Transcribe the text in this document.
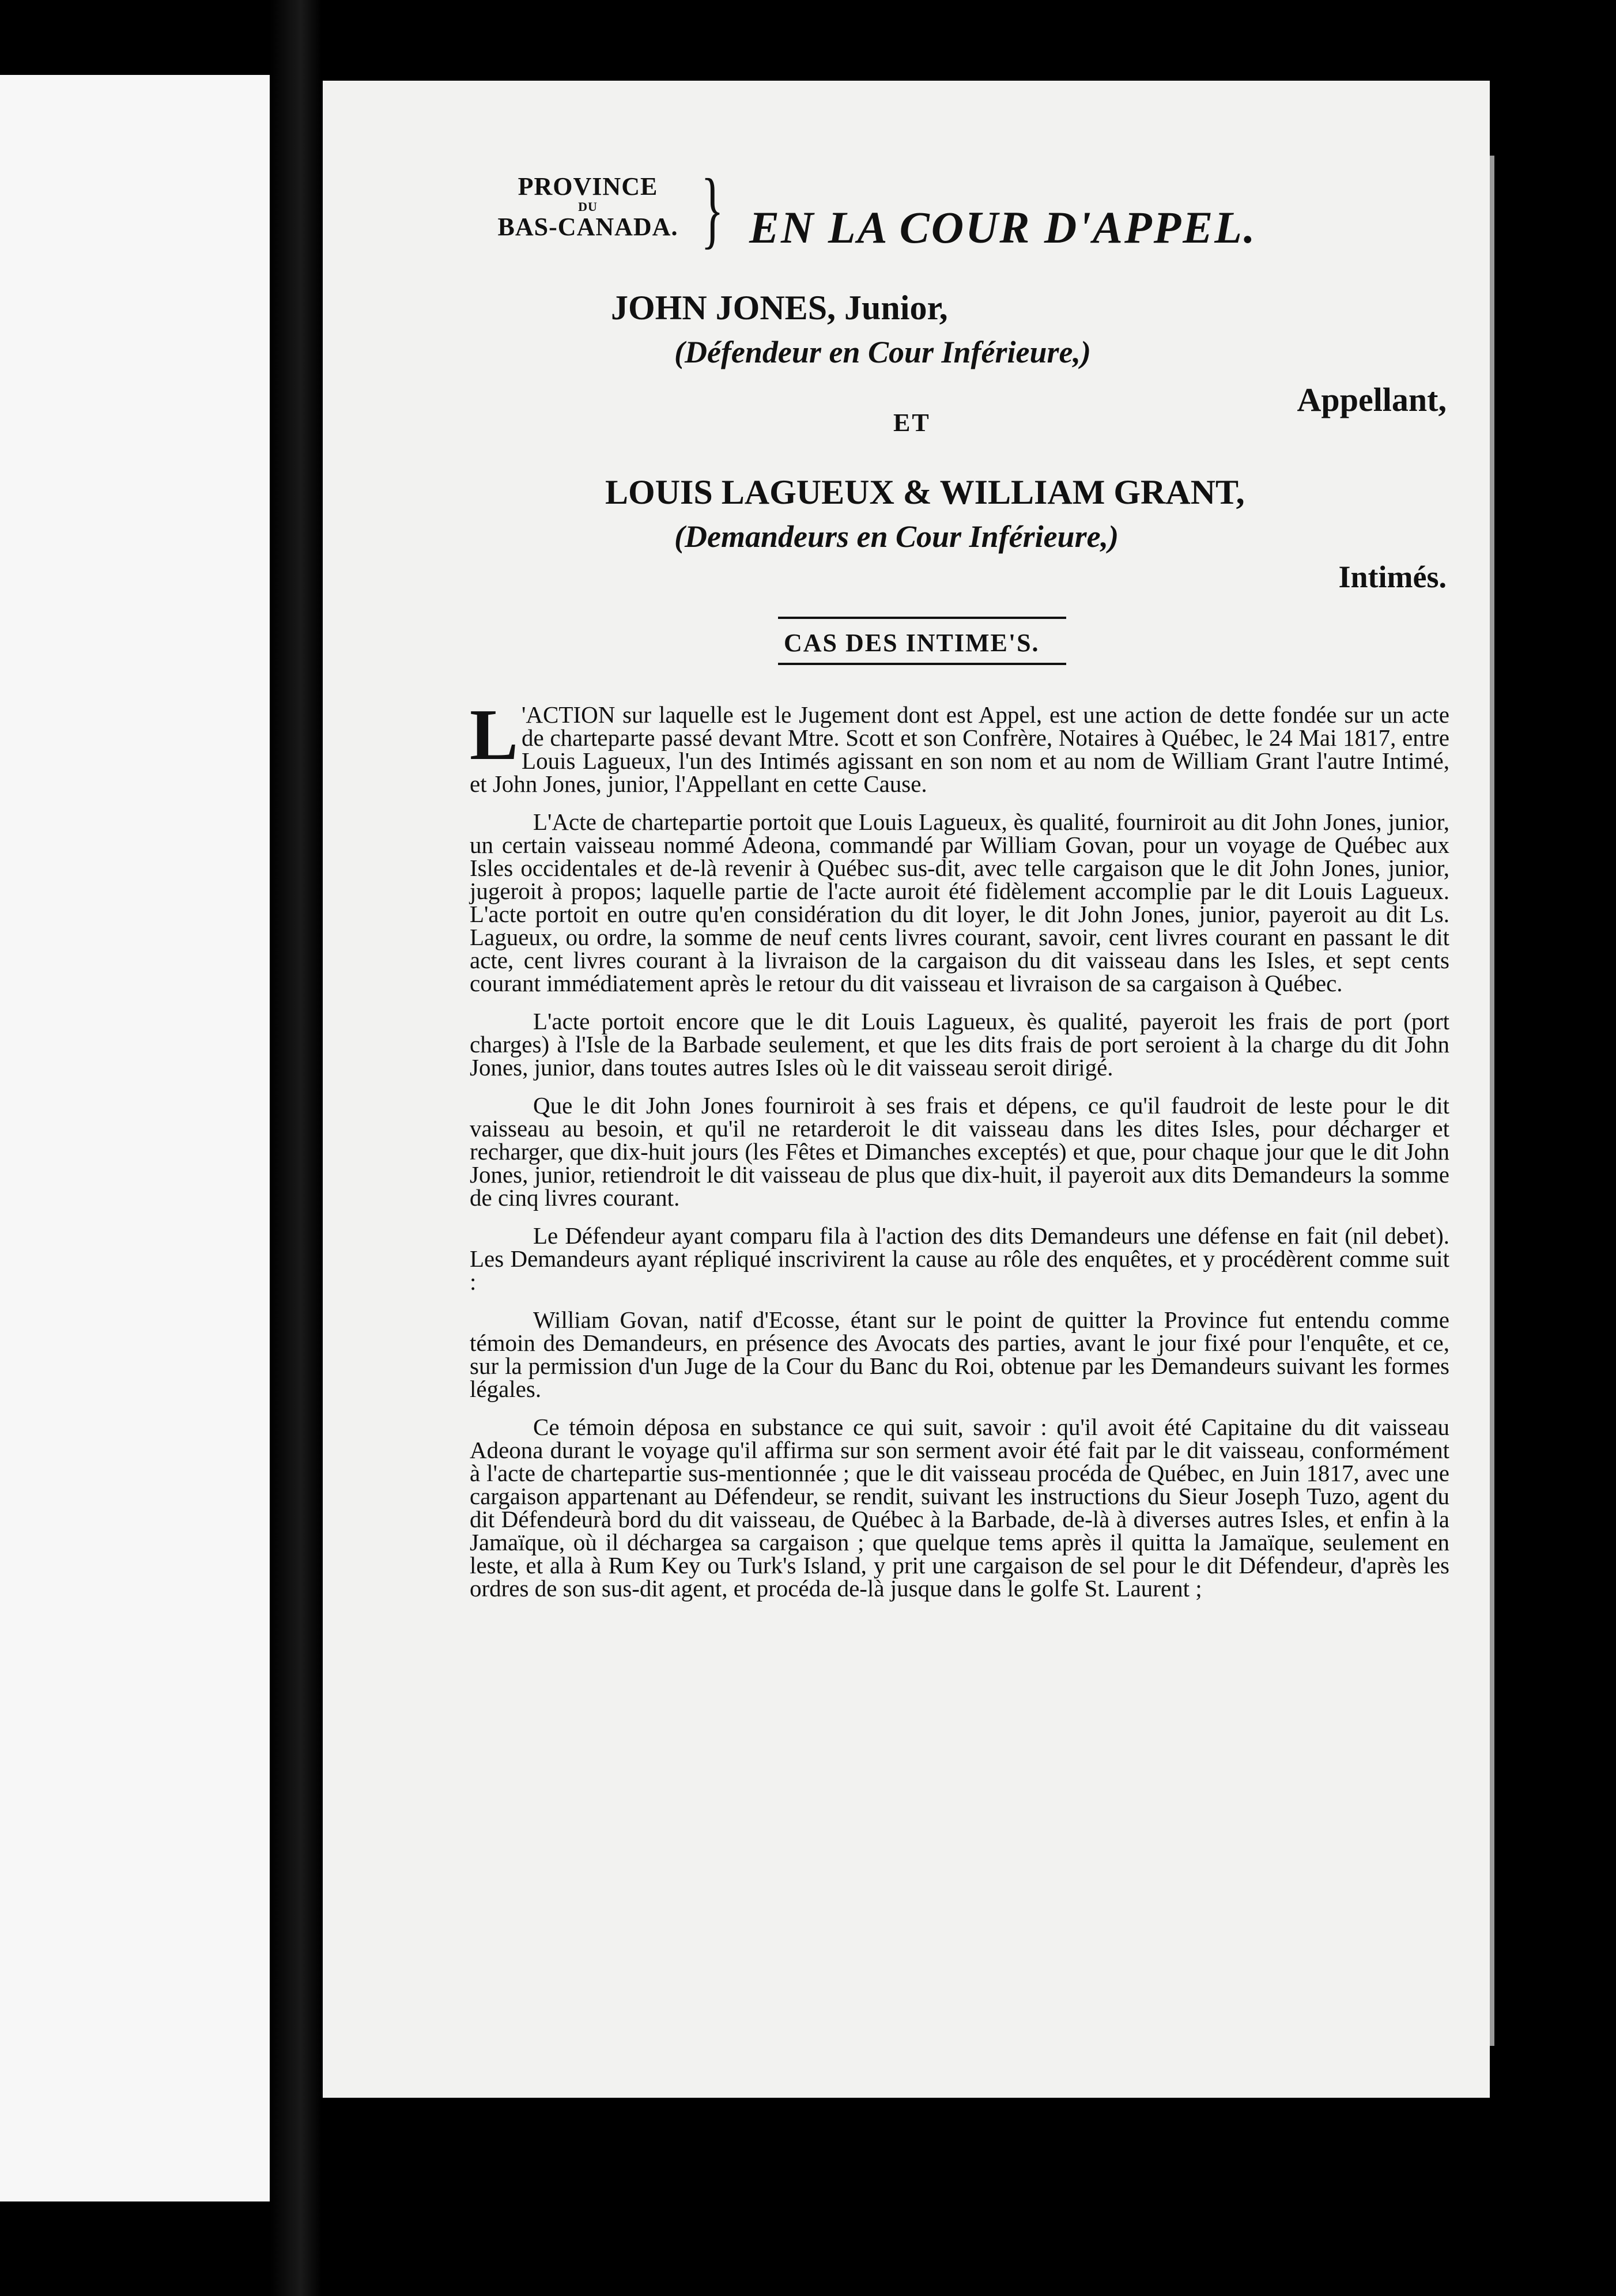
PROVINCE

DU
BAS-CANADA. } EN LA COUR D'APPEL.
JOHN JONES, Junior,
(Défendeur en Cour Inférieure,)
Appellant,
ET
LOUIS LAGUEUX & WILLIAM GRANT,
(Demandeurs en Cour Inférieure,)
Intimés.
CAS DES INTIME'S.

L 'ACTION sur laquelle est le Jugement dont est Appel, est une action de dette fondée sur un acte de charteparte passé devant Mtre. Scott et son Confrère, Notaires à Québec, le 24 Mai 1817, entre Louis Lagueux, l'un des Intimés agissant en son nom et au nom de William Grant l'autre Intimé, et John Jones, junior, l'Appellant en cette Cause.

L'Acte de chartepartie portoit que Louis Lagueux, ès qualité, fourniroit au dit John Jones, junior, un certain vaisseau nommé Adeona, commandé par William Govan, pour un voyage de Québec aux Isles occidentales et de-là revenir à Québec sus-dit, avec telle cargaison que le dit John Jones, junior, jugeroit à propos; laquelle partie de l'acte auroit été fidèlement accomplie par le dit Louis Lagueux. L'acte portoit en outre qu'en considération du dit loyer, le dit John Jones, junior, payeroit au dit Ls. Lagueux, ou ordre, la somme de neuf cents livres courant, savoir, cent livres courant en passant le dit acte, cent livres courant à la livraison de la cargaison du dit vaisseau dans les Isles, et sept cents courant immédiatement après le retour du dit vaisseau et livraison de sa cargaison à Québec.

L'acte portoit encore que le dit Louis Lagueux, ès qualité, payeroit les frais de port (port charges) à l'Isle de la Barbade seulement, et que les dits frais de port seroient à la charge du dit John Jones, junior, dans toutes autres Isles où le dit vaisseau seroit dirigé.

Que le dit John Jones fourniroit à ses frais et dépens, ce qu'il faudroit de leste pour le dit vaisseau au besoin, et qu'il ne retarderoit le dit vaisseau dans les dites Isles, pour décharger et recharger, que dix-huit jours (les Fêtes et Dimanches exceptés) et que, pour chaque jour que le dit John Jones, junior, retiendroit le dit vaisseau de plus que dix-huit, il payeroit aux dits Demandeurs la somme de cinq livres courant.

Le Défendeur ayant comparu fila à l'action des dits Demandeurs une défense en fait (nil debet). Les Demandeurs ayant répliqué inscrivirent la cause au rôle des enquêtes, et y procédèrent comme suit :

William Govan, natif d'Ecosse, étant sur le point de quitter la Province fut entendu comme témoin des Demandeurs, en présence des Avocats des parties, avant le jour fixé pour l'enquête, et ce, sur la permission d'un Juge de la Cour du Banc du Roi, obtenue par les Demandeurs suivant les formes légales.

Ce témoin déposa en substance ce qui suit, savoir : qu'il avoit été Capitaine du dit vaisseau Adeona durant le voyage qu'il affirma sur son serment avoir été fait par le dit vaisseau, conformément à l'acte de chartepartie sus-mentionnée ; que le dit vaisseau procéda de Québec, en Juin 1817, avec une cargaison appartenant au Défendeur, se rendit, suivant les instructions du Sieur Joseph Tuzo, agent du dit Défendeurà bord du dit vaisseau, de Québec à la Barbade, de-là à diverses autres Isles, et enfin à la Jamaïque, où il déchargea sa cargaison ; que quelque tems après il quitta la Jamaïque, seulement en leste, et alla à Rum Key ou Turk's Island, y prit une cargaison de sel pour le dit Défendeur, d'après les ordres de son sus-dit agent, et procéda de-là jusque dans le golfe St. Laurent ;
